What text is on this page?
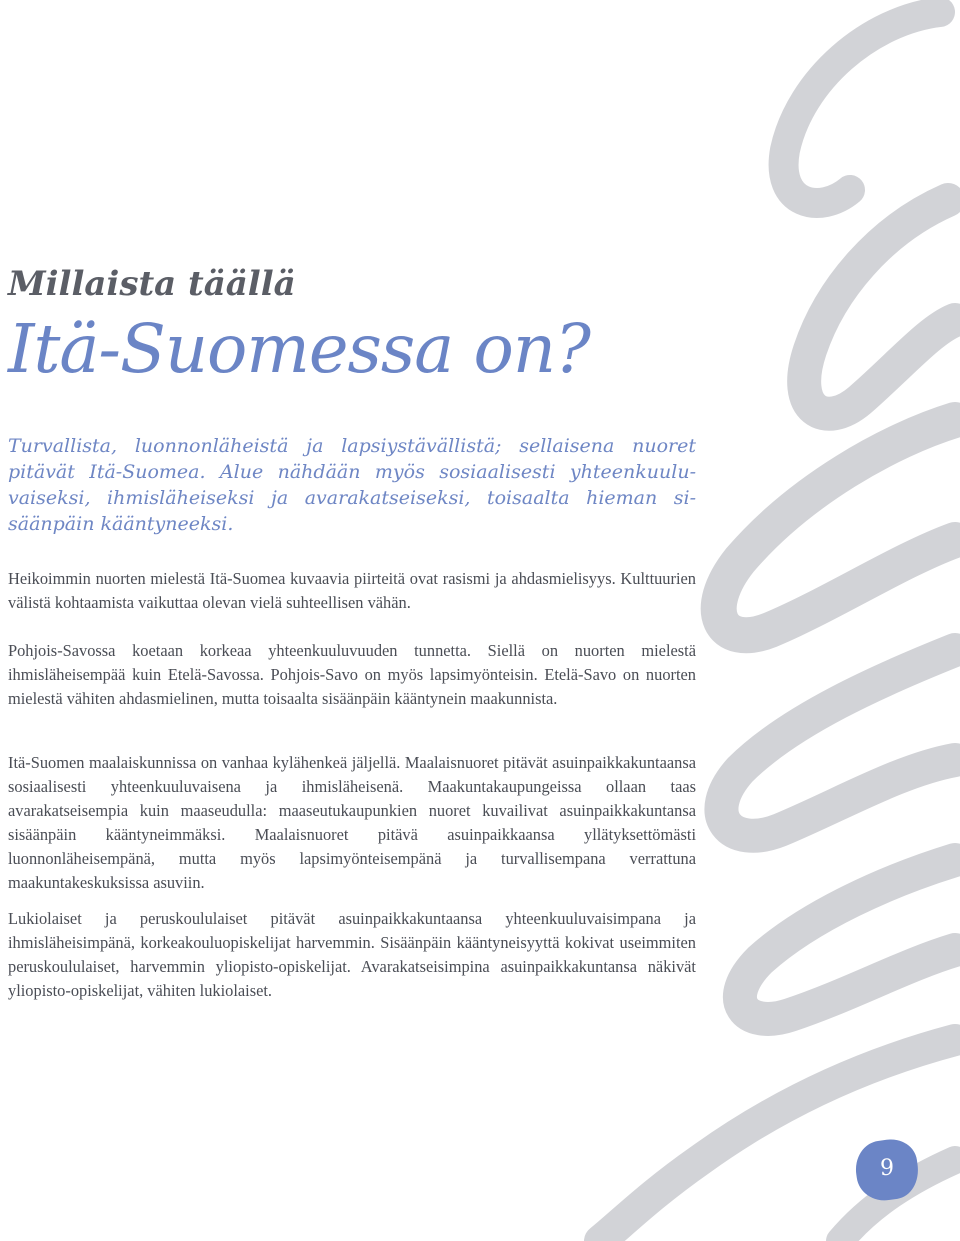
Millaista täällä
Itä-Suomessa on?

Turvallista, luonnonläheistä ja lapsiystävällistä; sellaisena nuoret pitävät Itä-Suomea. Alue nähdään myös sosiaalisesti yhteenkuuluvaiseksi, ihmisläheiseksi ja avarakatseiseksi, toisaalta hieman sisäänpäin kääntyneeksi.

Heikoimmin nuorten mielestä Itä-Suomea kuvaavia piirteitä ovat rasismi ja ahdasmielisyys. Kulttuurien välistä kohtaamista vaikuttaa olevan vielä suhteellisen vähän.

Pohjois-Savossa koetaan korkeaa yhteenkuuluvuuden tunnetta. Siellä on nuorten mielestä ihmisläheisempää kuin Etelä-Savossa. Pohjois-Savo on myös lapsimyönteisin. Etelä-Savo on nuorten mielestä vähiten ahdasmielinen, mutta toisaalta sisäänpäin kääntynein maakunnista.

Itä-Suomen maalaiskunnissa on vanhaa kylähenkeä jäljellä. Maalaisnuoret pitävät asuinpaikkakuntaansa sosiaalisesti yhteenkuuluvaisena ja ihmisläheisenä. Maakuntakaupungeissa ollaan taas avarakatseisempia kuin maaseudulla: maaseutukaupunkien nuoret kuvailivat asuinpaikkakuntansa sisäänpäin kääntyneimmäksi. Maalaisnuoret pitävä asuinpaikkaansa yllätyksettömästi luonnonläheisempänä, mutta myös lapsimyönteisempänä ja turvallisempana verrattuna maakuntakeskuksissa asuviin.

Lukiolaiset ja peruskoululaiset pitävät asuinpaikkakuntaansa yhteenkuuluvaisimpana ja ihmisläheisimpänä, korkeakouluopiskelijat harvemmin. Sisäänpäin kääntyneisyyttä kokivat useimmiten peruskoululaiset, harvemmin yliopisto-opiskelijat. Avarakatseisimpina asuinpaikkakuntansa näkivät yliopisto-opiskelijat, vähiten lukiolaiset.

9
